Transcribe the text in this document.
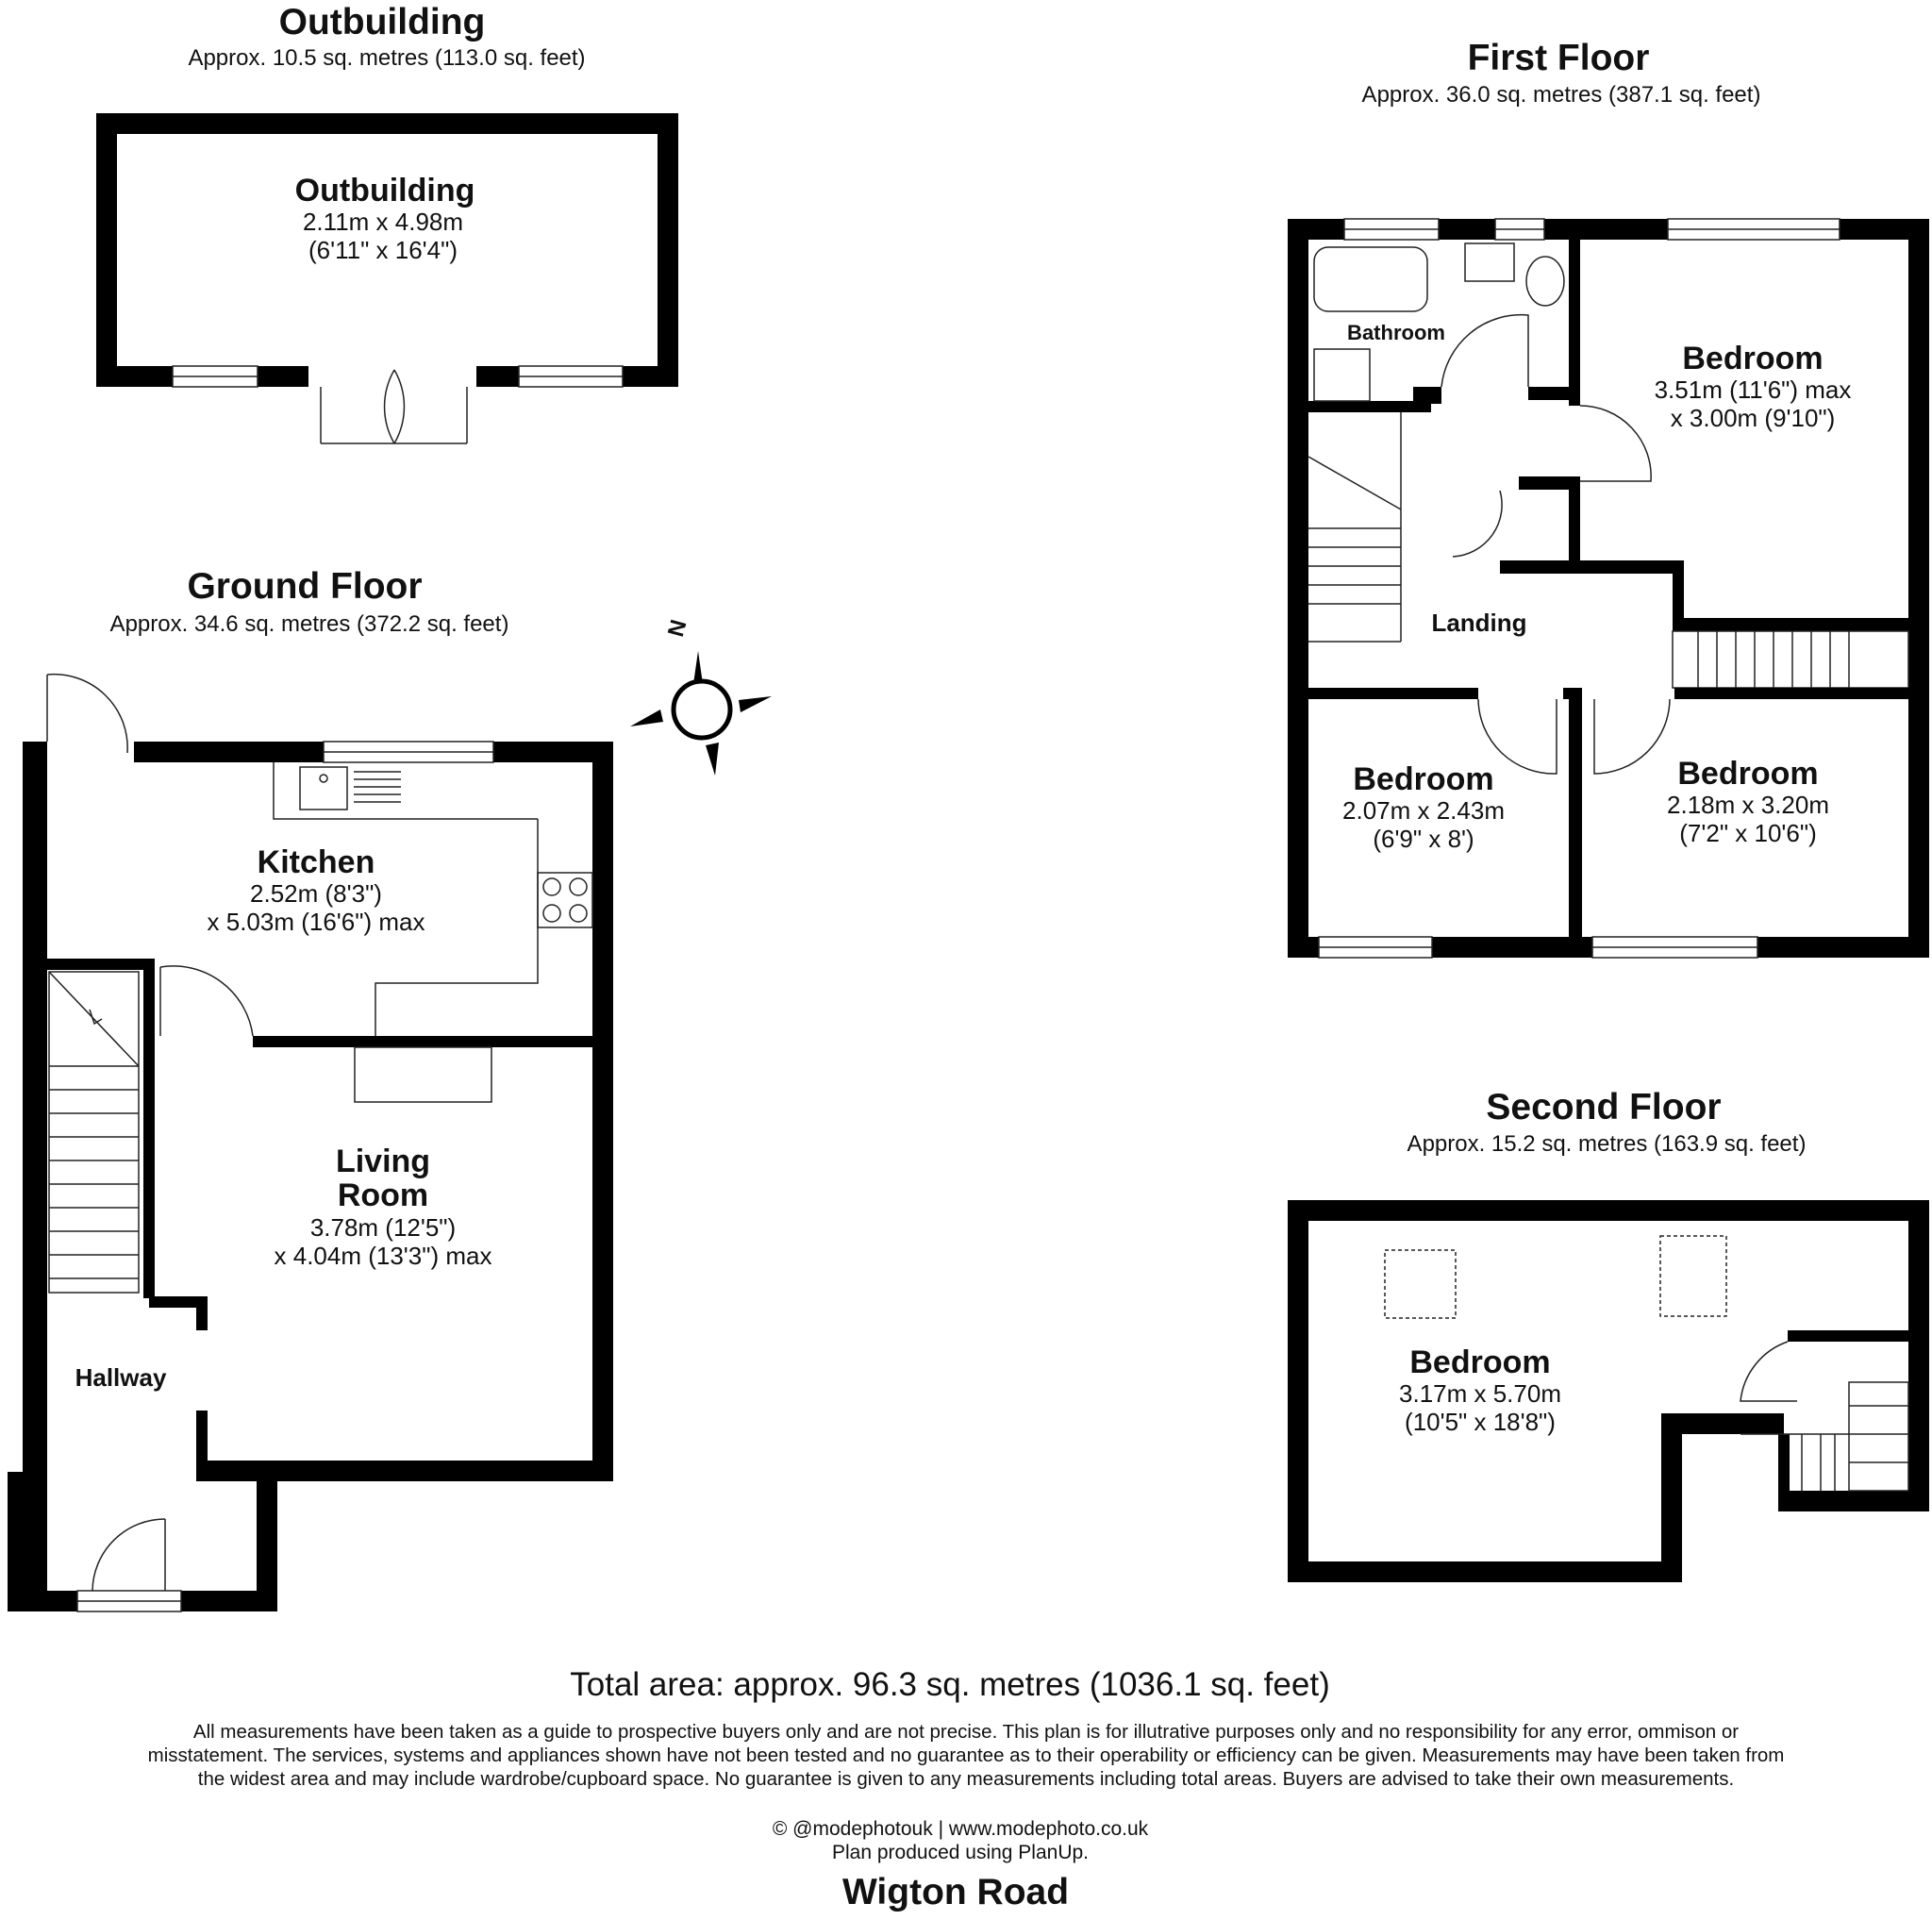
Outbuilding
Approx. 10.5 sq. metres (113.0 sq. feet)
Outbuilding
2.11m x 4.98m
(6'11" x 16'4")
Ground Floor
Approx. 34.6 sq. metres (372.2 sq. feet)
Kitchen
2.52m (8'3")
x 5.03m (16'6") max
Living
Room
3.78m (12'5")
x 4.04m (13'3") max
Hallway
N
First Floor
Approx. 36.0 sq. metres (387.1 sq. feet)
Bathroom
Landing
Bedroom
3.51m (11'6") max
x 3.00m (9'10")
Bedroom
2.07m x 2.43m
(6'9" x 8')
Bedroom
2.18m x 3.20m
(7'2" x 10'6")
Second Floor
Approx. 15.2 sq. metres (163.9 sq. feet)
Bedroom
3.17m x 5.70m
(10'5" x 18'8")
Total area: approx. 96.3 sq. metres (1036.1 sq. feet)
All measurements have been taken as a guide to prospective buyers only and are not precise. This plan is for illutrative purposes only and no responsibility for any error, ommison or
misstatement. The services, systems and appliances shown have not been tested and no guarantee as to their operability or efficiency can be given. Measurements may have been taken from
the widest area and may include wardrobe/cupboard space. No guarantee is given to any measurements including total areas. Buyers are advised to take their own measurements.
© @modephotouk | www.modephoto.co.uk
Plan produced using PlanUp.
Wigton Road
